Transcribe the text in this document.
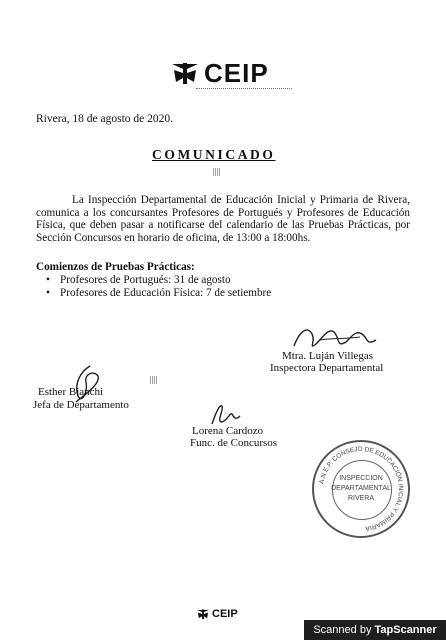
CEIP
Rivera, 18 de agosto de 2020.
COMUNICADO
La Inspección Departamental de Educación Inicial y Primaria de Rivera, comunica a los concursantes Profesores de Portugués y Profesores de Educación Física, que deben pasar a notificarse del calendario de las Pruebas Prácticas, por Sección Concursos en horario de oficina, de 13:00 a 18:00hs.
Comienzos de Pruebas Prácticas:
• Profesores de Portugués: 31 de agosto
• Profesores de Educación Física: 7 de setiembre
Mtra. Luján Villegas
Inspectora Departamental
Esther Bianchi
Jefa de Departamento
Lorena Cardozo
Func. de Concursos
A.N.E.P. CONSEJO DE EDUCACIÓN INICIAL Y PRIMARIA
INSPECCION
DEPARTAMENTAL
RIVERA
CEIP
Scanned by TapScanner
